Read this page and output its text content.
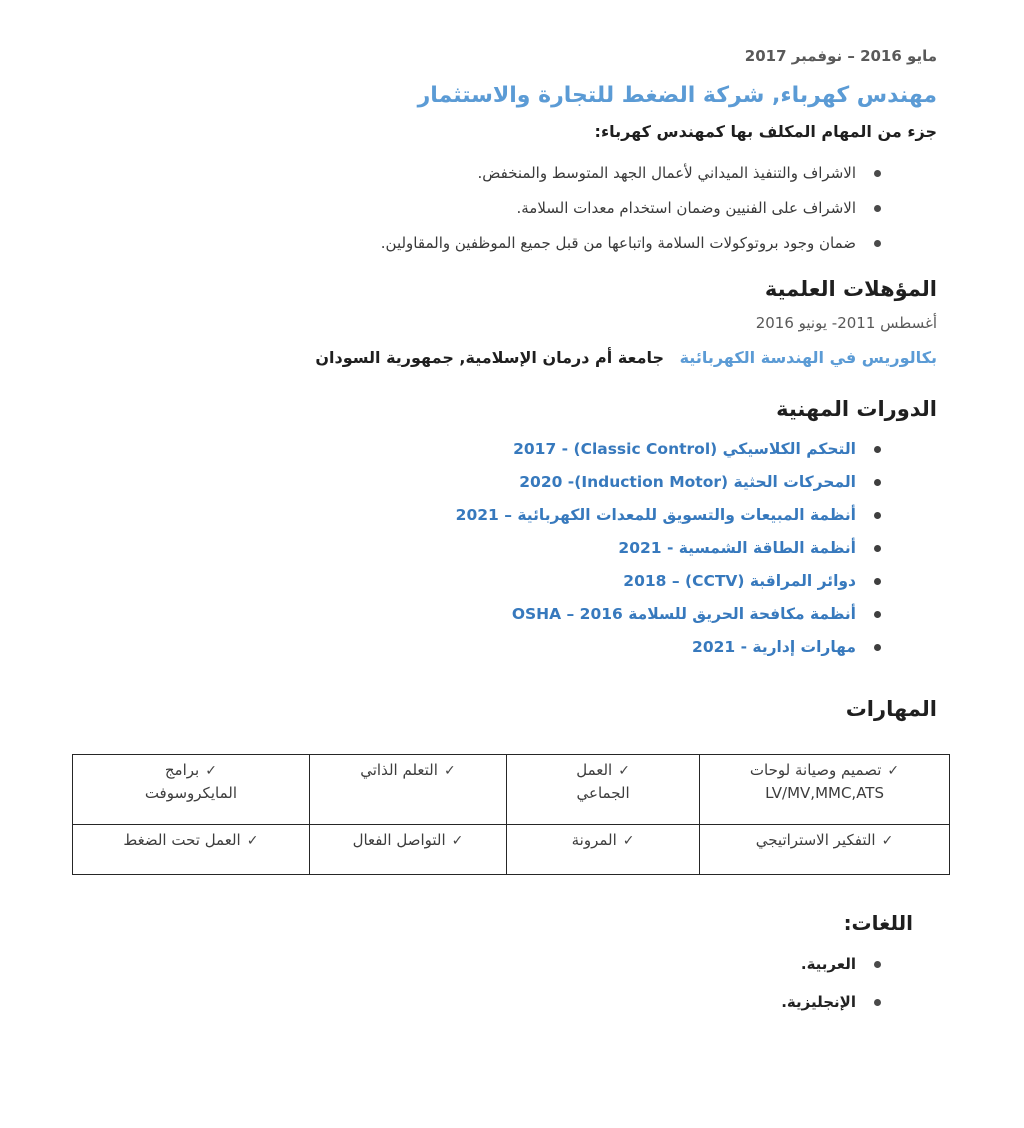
مايو 2016 – نوفمبر 2017

مهندس كهرباء, شركة الضغط للتجارة والاستثمار

جزء من المهام المكلف بها كمهندس كهرباء:

الاشراف والتنفيذ الميداني لأعمال الجهد المتوسط والمنخفض.
الاشراف على الفنيين وضمان استخدام معدات السلامة.
ضمان وجود بروتوكولات السلامة واتباعها من قبل جميع الموظفين والمقاولين.
المؤهلات العلمية

أغسطس 2011- يونيو 2016

بكالوريس في الهندسة الكهربائية جامعة أم درمان الإسلامية, جمهورية السودان

الدورات المهنية
التحكم الكلاسيكي (Classic Control) - 2017
المحركات الحثية (Induction Motor)- 2020
أنظمة المبيعات والتسويق للمعدات الكهربائية – 2021
أنظمة الطاقة الشمسية - 2021
دوائر المراقبة (CCTV) – 2018
أنظمة مكافحة الحريق للسلامة OSHA – 2016
مهارات إدارية - 2021
المهارات
✓تصميم وصيانة لوحات LV/MV,MMC,ATS	✓العمل الجماعي	✓التعلم الذاتي	✓برامج المايكروسوفت
✓التفكير الاستراتيجي	✓المرونة	✓التواصل الفعال	✓العمل تحت الضغط
اللغات:
العربية.
الإنجليزية.
